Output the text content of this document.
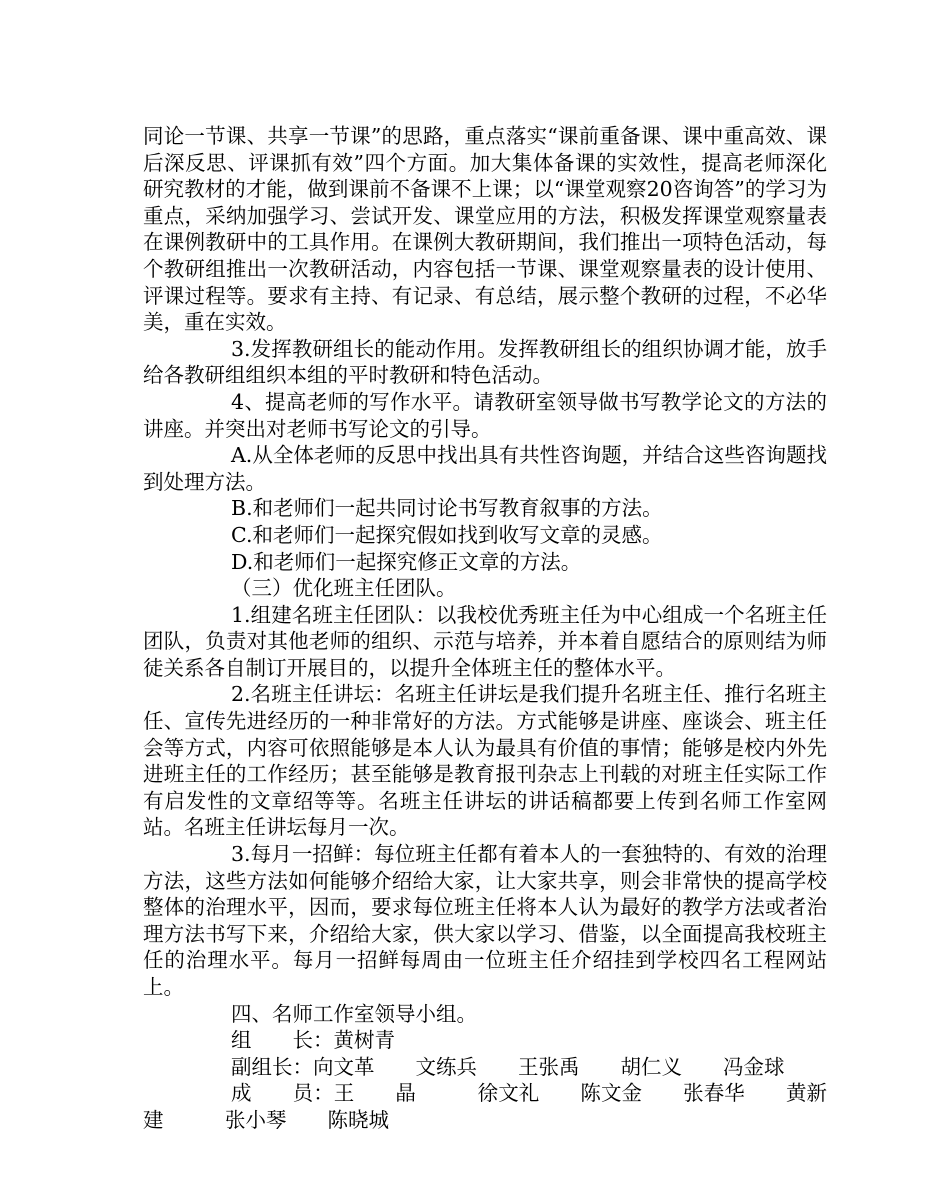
同论一节课、共享一节课”的思路，重点落实“课前重备课、课中重高效、课后深反思、评课抓有效”四个方面。加大集体备课的实效性，提高老师深化研究教材的才能，做到课前不备课不上课；以“课堂观察20咨询答”的学习为重点，采纳加强学习、尝试开发、课堂应用的方法，积极发挥课堂观察量表在课例教研中的工具作用。在课例大教研期间，我们推出一项特色活动，每个教研组推出一次教研活动，内容包括一节课、课堂观察量表的设计使用、评课过程等。要求有主持、有记录、有总结，展示整个教研的过程，不必华美，重在实效。

3.发挥教研组长的能动作用。发挥教研组长的组织协调才能，放手给各教研组组织本组的平时教研和特色活动。

4、提高老师的写作水平。请教研室领导做书写教学论文的方法的讲座。并突出对老师书写论文的引导。

A.从全体老师的反思中找出具有共性咨询题，并结合这些咨询题找到处理方法。

B.和老师们一起共同讨论书写教育叙事的方法。

C.和老师们一起探究假如找到收写文章的灵感。

D.和老师们一起探究修正文章的方法。

（三）优化班主任团队。

1.组建名班主任团队：以我校优秀班主任为中心组成一个名班主任团队，负责对其他老师的组织、示范与培养，并本着自愿结合的原则结为师徒关系各自制订开展目的，以提升全体班主任的整体水平。

2.名班主任讲坛：名班主任讲坛是我们提升名班主任、推行名班主任、宣传先进经历的一种非常好的方法。方式能够是讲座、座谈会、班主任会等方式，内容可依照能够是本人认为最具有价值的事情；能够是校内外先进班主任的工作经历；甚至能够是教育报刊杂志上刊载的对班主任实际工作有启发性的文章绍等等。名班主任讲坛的讲话稿都要上传到名师工作室网站。名班主任讲坛每月一次。

3.每月一招鲜：每位班主任都有着本人的一套独特的、有效的治理方法，这些方法如何能够介绍给大家，让大家共享，则会非常快的提高学校整体的治理水平，因而，要求每位班主任将本人认为最好的教学方法或者治理方法书写下来，介绍给大家，供大家以学习、借鉴，以全面提高我校班主任的治理水平。每月一招鲜每周由一位班主任介绍挂到学校四名工程网站上。

四、名师工作室领导小组。

组　　长：黄树青

副组长：向文革　　文练兵　　王张禹　　胡仁义　　冯金球

成　　员：王　　晶　　　徐文礼　　陈文金　　张春华　　黄新建　　　张小琴　　陈晓城
